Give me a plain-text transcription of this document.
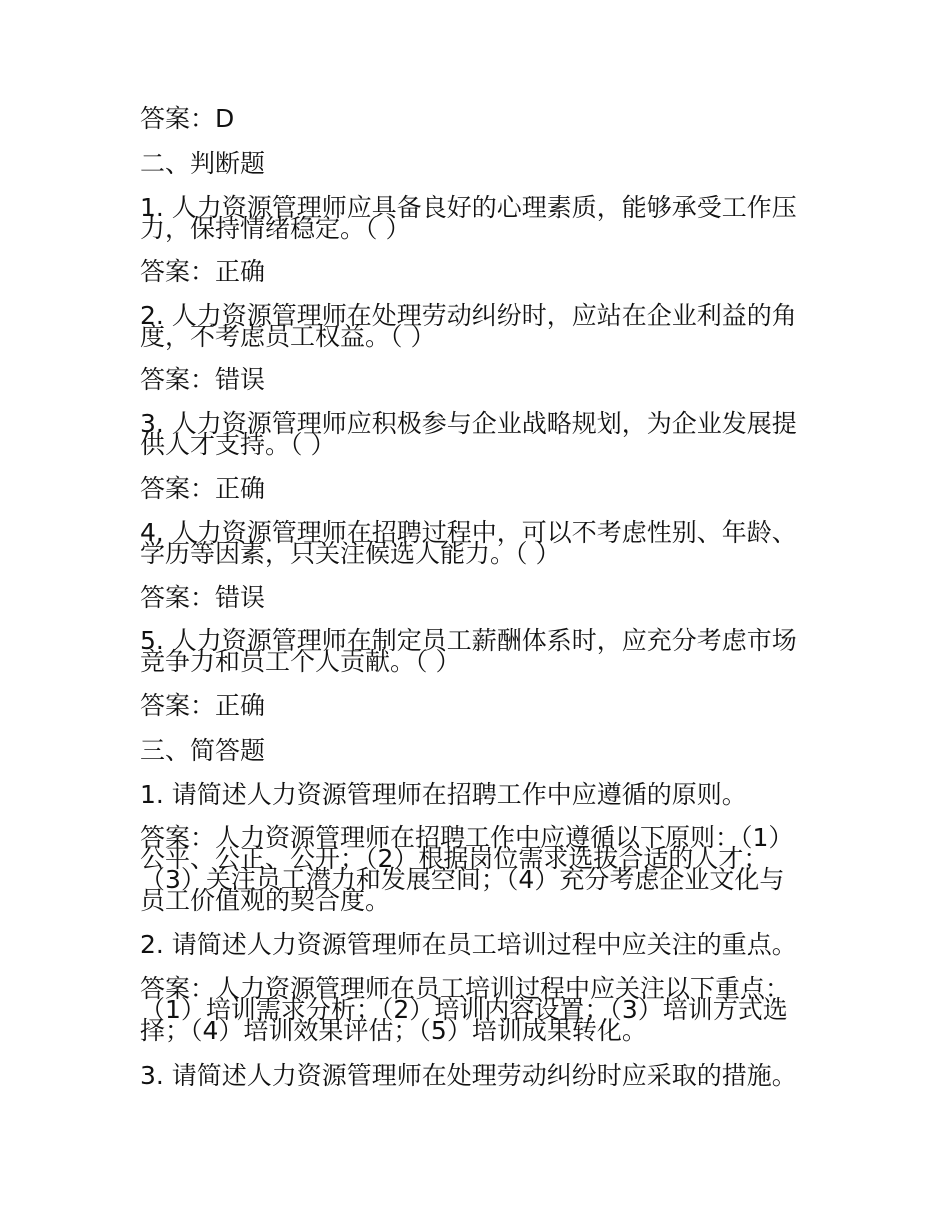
答案：D

二、判断题

1. 人力资源管理师应具备良好的心理素质，能够承受工作压力，保持情绪稳定。（ ）

答案：正确

2. 人力资源管理师在处理劳动纠纷时，应站在企业利益的角度，不考虑员工权益。（ ）

答案：错误

3. 人力资源管理师应积极参与企业战略规划，为企业发展提供人才支持。（ ）

答案：正确

4. 人力资源管理师在招聘过程中，可以不考虑性别、年龄、学历等因素，只关注候选人能力。（ ）

答案：错误

5. 人力资源管理师在制定员工薪酬体系时，应充分考虑市场竞争力和员工个人贡献。（ ）

答案：正确

三、简答题

1. 请简述人力资源管理师在招聘工作中应遵循的原则。

答案：人力资源管理师在招聘工作中应遵循以下原则：（1）公平、公正、公开；（2）根据岗位需求选拔合适的人才；（3）关注员工潜力和发展空间；（4）充分考虑企业文化与员工价值观的契合度。

2. 请简述人力资源管理师在员工培训过程中应关注的重点。

答案：人力资源管理师在员工培训过程中应关注以下重点：（1）培训需求分析；（2）培训内容设置；（3）培训方式选择；（4）培训效果评估；（5）培训成果转化。

3. 请简述人力资源管理师在处理劳动纠纷时应采取的措施。
